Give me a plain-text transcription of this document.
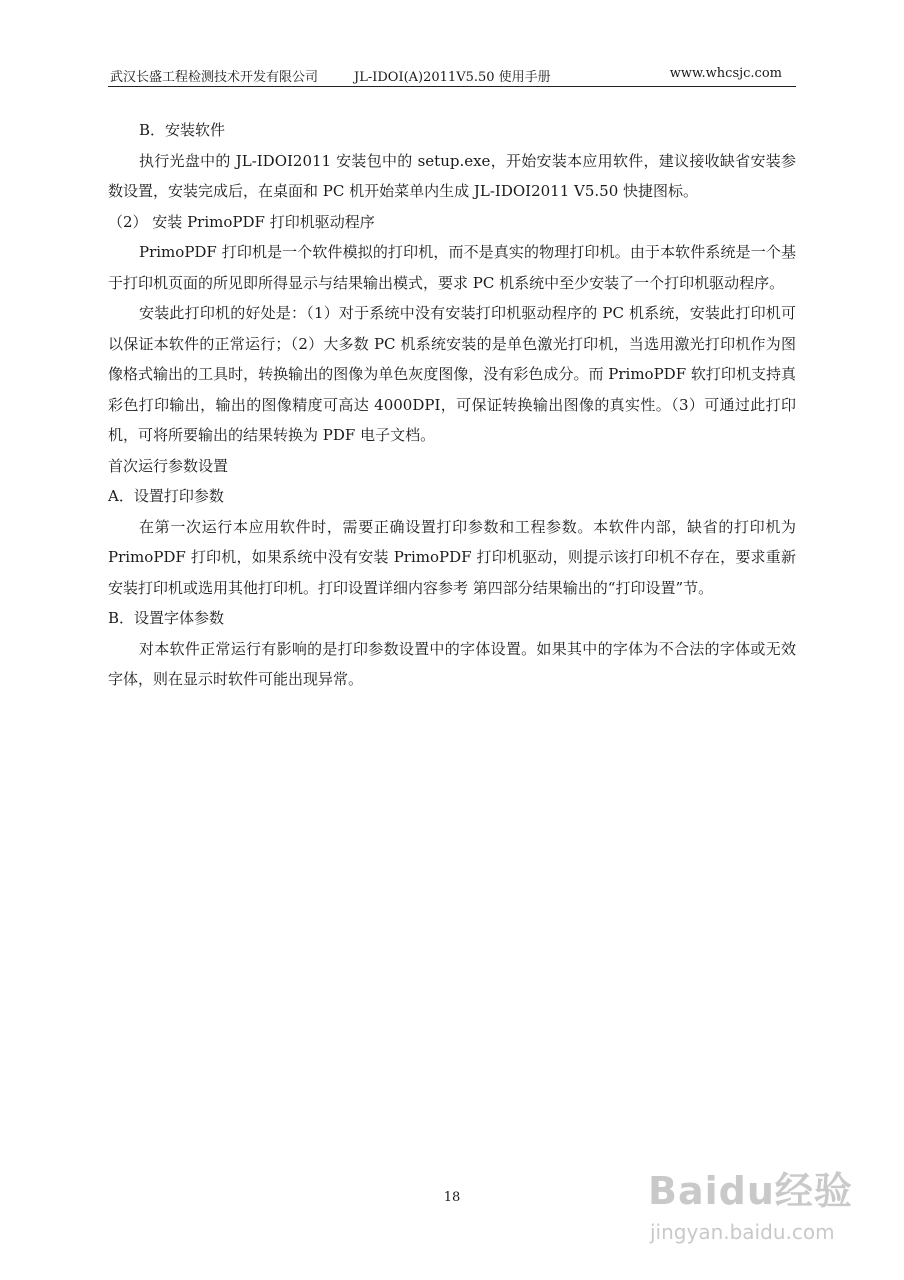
武汉长盛工程检测技术开发有限公司	JL-IDOI(A)2011V5.50 使用手册	www.whcsjc.com

B．安装软件

执行光盘中的 JL-IDOI2011 安装包中的 setup.exe，开始安装本应用软件，建议接收缺省安装参数设置，安装完成后，在桌面和 PC 机开始菜单内生成 JL-IDOI2011 V5.50 快捷图标。

（2） 安装 PrimoPDF 打印机驱动程序

PrimoPDF 打印机是一个软件模拟的打印机，而不是真实的物理打印机。由于本软件系统是一个基于打印机页面的所见即所得显示与结果输出模式，要求 PC 机系统中至少安装了一个打印机驱动程序。

安装此打印机的好处是：（1）对于系统中没有安装打印机驱动程序的 PC 机系统，安装此打印机可以保证本软件的正常运行；（2）大多数 PC 机系统安装的是单色激光打印机，当选用激光打印机作为图像格式输出的工具时，转换输出的图像为单色灰度图像，没有彩色成分。而 PrimoPDF 软打印机支持真彩色打印输出，输出的图像精度可高达 4000DPI，可保证转换输出图像的真实性。（3）可通过此打印机，可将所要输出的结果转换为 PDF 电子文档。

首次运行参数设置

A．设置打印参数

在第一次运行本应用软件时，需要正确设置打印参数和工程参数。本软件内部，缺省的打印机为 PrimoPDF 打印机，如果系统中没有安装 PrimoPDF 打印机驱动，则提示该打印机不存在，要求重新安装打印机或选用其他打印机。打印设置详细内容参考 第四部分结果输出的“打印设置”节。

B．设置字体参数

对本软件正常运行有影响的是打印参数设置中的字体设置。如果其中的字体为不合法的字体或无效字体，则在显示时软件可能出现异常。

18	Baidu经验
jingyan.baidu.com
